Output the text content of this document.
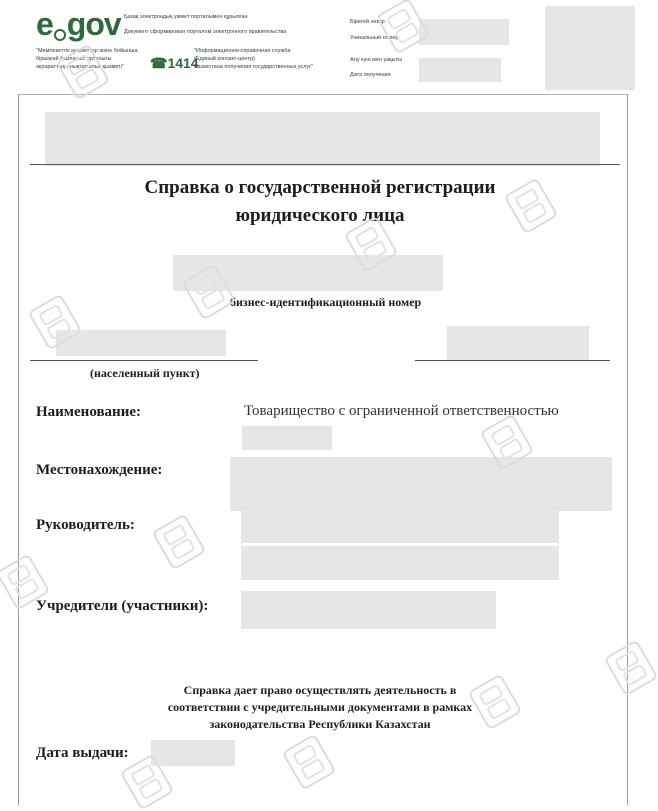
e gov Қазақ электрондық үкімет порталымен құрылған
Документ сформирован порталом электронного правительства
"Мемлекеттік қызметтер және бойынша
бірыңғай байланыс орталығы
ақпараттық-анықтамалық қызметі" ☎1414
"Информационно-справочная служба
(Единый контакт-центр)
Казахстана получения государственных услуг"
Бірегей нөмір
Уникальный номер
Алу күні мен уақыты
Дата получения
Справка о государственной регистрации
юридического лица
бизнес-идентификационный номер
(населенный пункт)
Наименование:	Товарищество с ограниченной ответственностью
Местонахождение:
Руководитель:
Учредители (участники):
Справка дает право осуществлять деятельность в
соответствии с учредительными документами в рамках
законодательства Республики Казахстан
Дата выдачи:
